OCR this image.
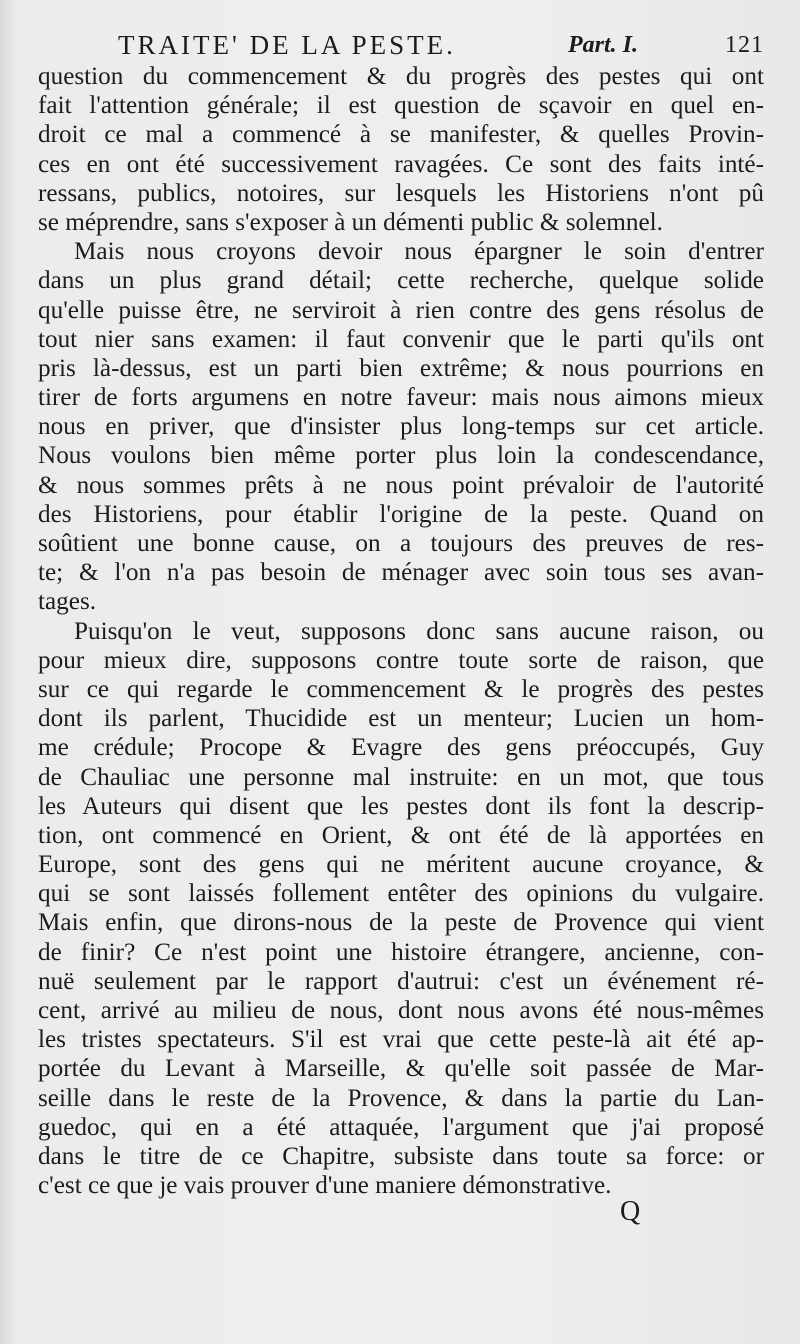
TRAITE' DE LA PESTE.	Part. I.	121
question du commencement & du progrès des pestes qui ont
fait l'attention générale; il est question de sçavoir en quel en-
droit ce mal a commencé à se manifester, & quelles Provin-
ces en ont été successivement ravagées. Ce sont des faits inté-
ressans, publics, notoires, sur lesquels les Historiens n'ont pû
se méprendre, sans s'exposer à un démenti public & solemnel.
Mais nous croyons devoir nous épargner le soin d'entrer
dans un plus grand détail; cette recherche, quelque solide
qu'elle puisse être, ne serviroit à rien contre des gens résolus de
tout nier sans examen: il faut convenir que le parti qu'ils ont
pris là-dessus, est un parti bien extrême; & nous pourrions en
tirer de forts argumens en notre faveur: mais nous aimons mieux
nous en priver, que d'insister plus long-temps sur cet article.
Nous voulons bien même porter plus loin la condescendance,
& nous sommes prêts à ne nous point prévaloir de l'autorité
des Historiens, pour établir l'origine de la peste. Quand on
soûtient une bonne cause, on a toujours des preuves de res-
te; & l'on n'a pas besoin de ménager avec soin tous ses avan-
tages.
Puisqu'on le veut, supposons donc sans aucune raison, ou
pour mieux dire, supposons contre toute sorte de raison, que
sur ce qui regarde le commencement & le progrès des pestes
dont ils parlent, Thucidide est un menteur; Lucien un hom-
me crédule; Procope & Evagre des gens préoccupés, Guy
de Chauliac une personne mal instruite: en un mot, que tous
les Auteurs qui disent que les pestes dont ils font la descrip-
tion, ont commencé en Orient, & ont été de là apportées en
Europe, sont des gens qui ne méritent aucune croyance, &
qui se sont laissés follement entêter des opinions du vulgaire.
Mais enfin, que dirons-nous de la peste de Provence qui vient
de finir? Ce n'est point une histoire étrangere, ancienne, con-
nuë seulement par le rapport d'autrui: c'est un événement ré-
cent, arrivé au milieu de nous, dont nous avons été nous-mêmes
les tristes spectateurs. S'il est vrai que cette peste-là ait été ap-
portée du Levant à Marseille, & qu'elle soit passée de Mar-
seille dans le reste de la Provence, & dans la partie du Lan-
guedoc, qui en a été attaquée, l'argument que j'ai proposé
dans le titre de ce Chapitre, subsiste dans toute sa force: or
c'est ce que je vais prouver d'une maniere démonstrative.
Q
